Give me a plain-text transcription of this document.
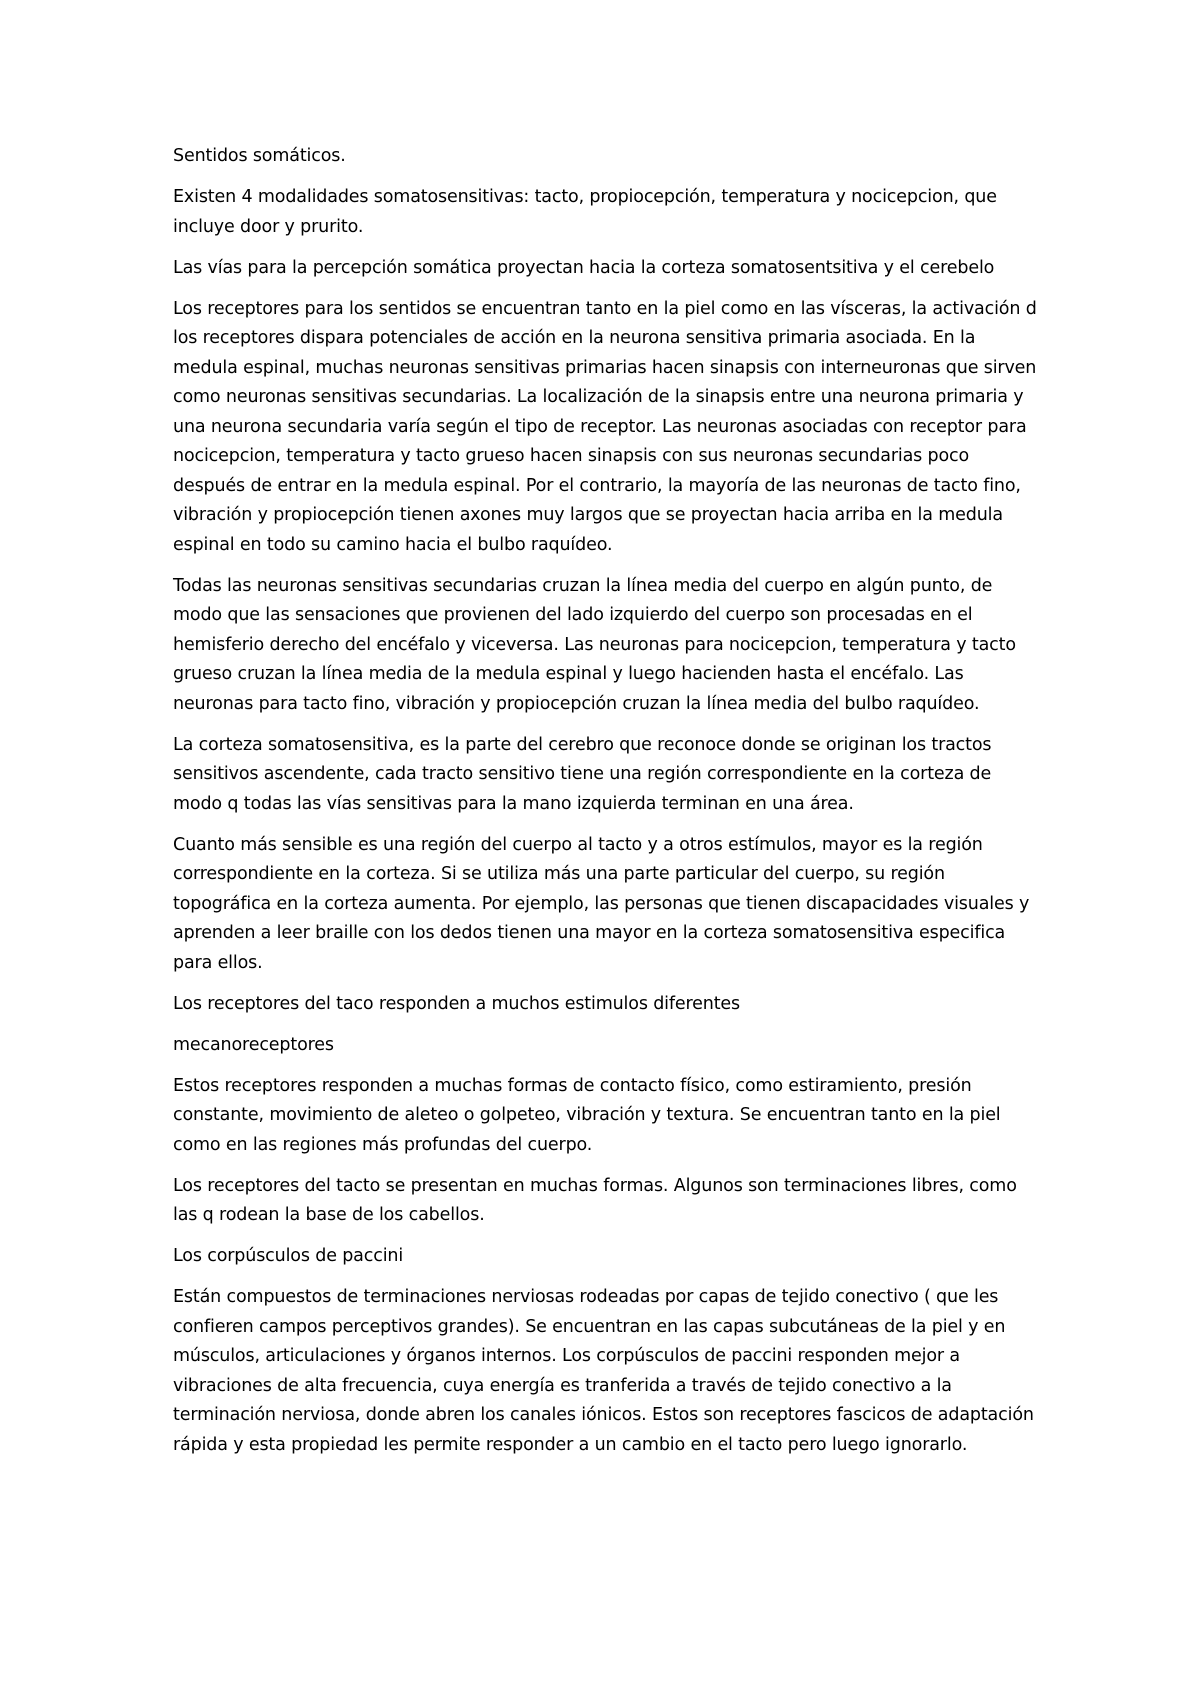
Sentidos somáticos.

Existen 4 modalidades somatosensitivas: tacto, propiocepción, temperatura y nocicepcion, que incluye door y prurito.

Las vías para la percepción somática proyectan hacia la corteza somatosentsitiva y el cerebelo

Los receptores para los sentidos se encuentran tanto en la piel como en las vísceras, la activación d los receptores dispara potenciales de acción en la neurona sensitiva primaria asociada. En la medula espinal, muchas neuronas sensitivas primarias hacen sinapsis con interneuronas que sirven como neuronas sensitivas secundarias. La localización de la sinapsis entre una neurona primaria y una neurona secundaria varía según el tipo de receptor. Las neuronas asociadas con receptor para nocicepcion, temperatura y tacto grueso hacen sinapsis con sus neuronas secundarias poco después de entrar en la medula espinal. Por el contrario, la mayoría de las neuronas de tacto fino, vibración y propiocepción tienen axones muy largos que se proyectan hacia arriba en la medula espinal en todo su camino hacia el bulbo raquídeo.

Todas las neuronas sensitivas secundarias cruzan la línea media del cuerpo en algún punto, de modo que las sensaciones que provienen del lado izquierdo del cuerpo son procesadas en el hemisferio derecho del encéfalo y viceversa. Las neuronas para nocicepcion, temperatura y tacto grueso cruzan la línea media de la medula espinal y luego hacienden hasta el encéfalo. Las neuronas para tacto fino, vibración y propiocepción cruzan la línea media del bulbo raquídeo.

La corteza somatosensitiva, es la parte del cerebro que reconoce donde se originan los tractos sensitivos ascendente, cada tracto sensitivo tiene una región correspondiente en la corteza de modo q todas las vías sensitivas para la mano izquierda terminan en una área.

Cuanto más sensible es una región del cuerpo al tacto y a otros estímulos, mayor es la región correspondiente en la corteza. Si se utiliza más una parte particular del cuerpo, su región topográfica en la corteza aumenta. Por ejemplo, las personas que tienen discapacidades visuales y aprenden a leer braille con los dedos tienen una mayor en la corteza somatosensitiva especifica para ellos.

Los receptores del taco responden a muchos estimulos diferentes

mecanoreceptores

Estos receptores responden a muchas formas de contacto físico, como estiramiento, presión constante, movimiento de aleteo o golpeteo, vibración y textura. Se encuentran tanto en la piel como en las regiones más profundas del cuerpo.

Los receptores del tacto se presentan en muchas formas. Algunos son terminaciones libres, como las q rodean la base de los cabellos.

Los corpúsculos de paccini

Están compuestos de terminaciones nerviosas rodeadas por capas de tejido conectivo ( que les confieren campos perceptivos grandes). Se encuentran en las capas subcutáneas de la piel y en músculos, articulaciones y órganos internos. Los corpúsculos de paccini responden mejor a vibraciones de alta frecuencia, cuya energía es tranferida a través de tejido conectivo a la terminación nerviosa, donde abren los canales iónicos. Estos son receptores fascicos de adaptación rápida y esta propiedad les permite responder a un cambio en el tacto pero luego ignorarlo.
